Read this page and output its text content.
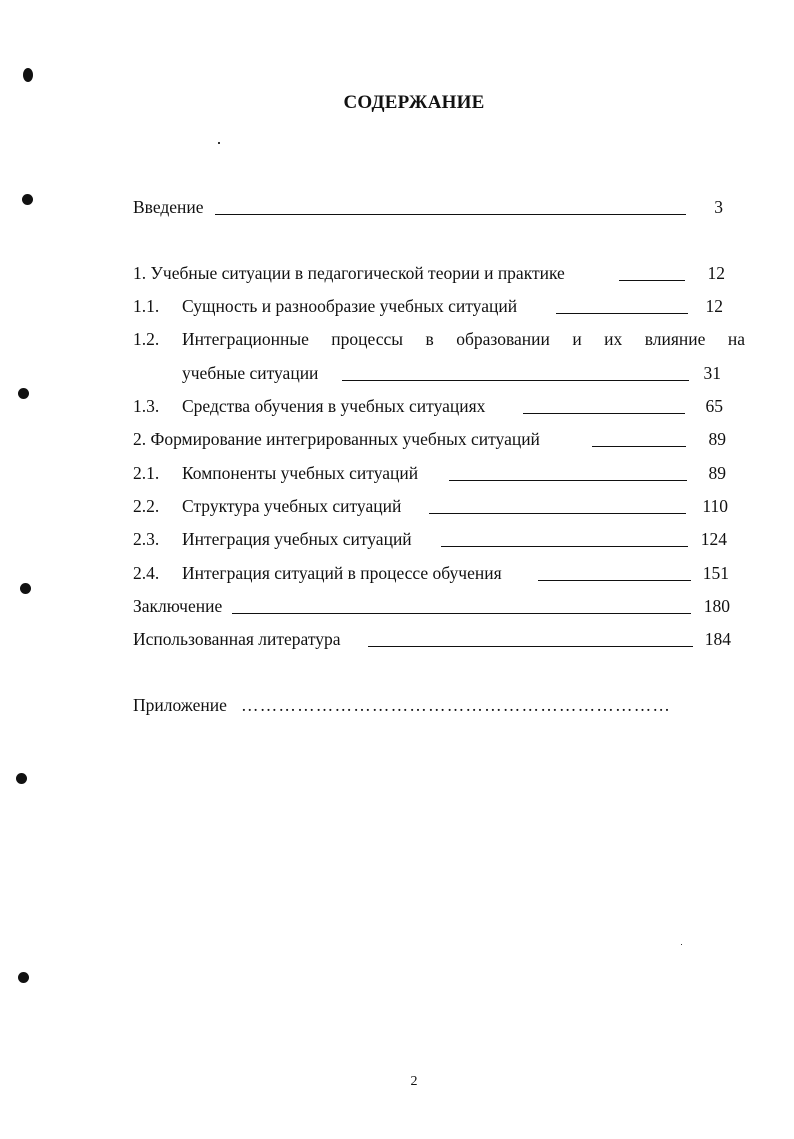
СОДЕРЖАНИЕ
Введение	3
1. Учебные ситуации в педагогической теории и практике	12
1.1. Сущность и разнообразие учебных ситуаций	12
1.2. Интеграционные процессы в образовании и их влияние на
учебные ситуации	31
1.3. Средства обучения в учебных ситуациях	65
2. Формирование интегрированных учебных ситуаций	89
2.1. Компоненты учебных ситуаций	89
2.2. Структура учебных ситуаций	110
2.3. Интеграция учебных ситуаций	124
2.4. Интеграция ситуаций в процессе обучения	151
Заключение	180
Использованная литература	184
Приложение ……………………………………………………………
2
